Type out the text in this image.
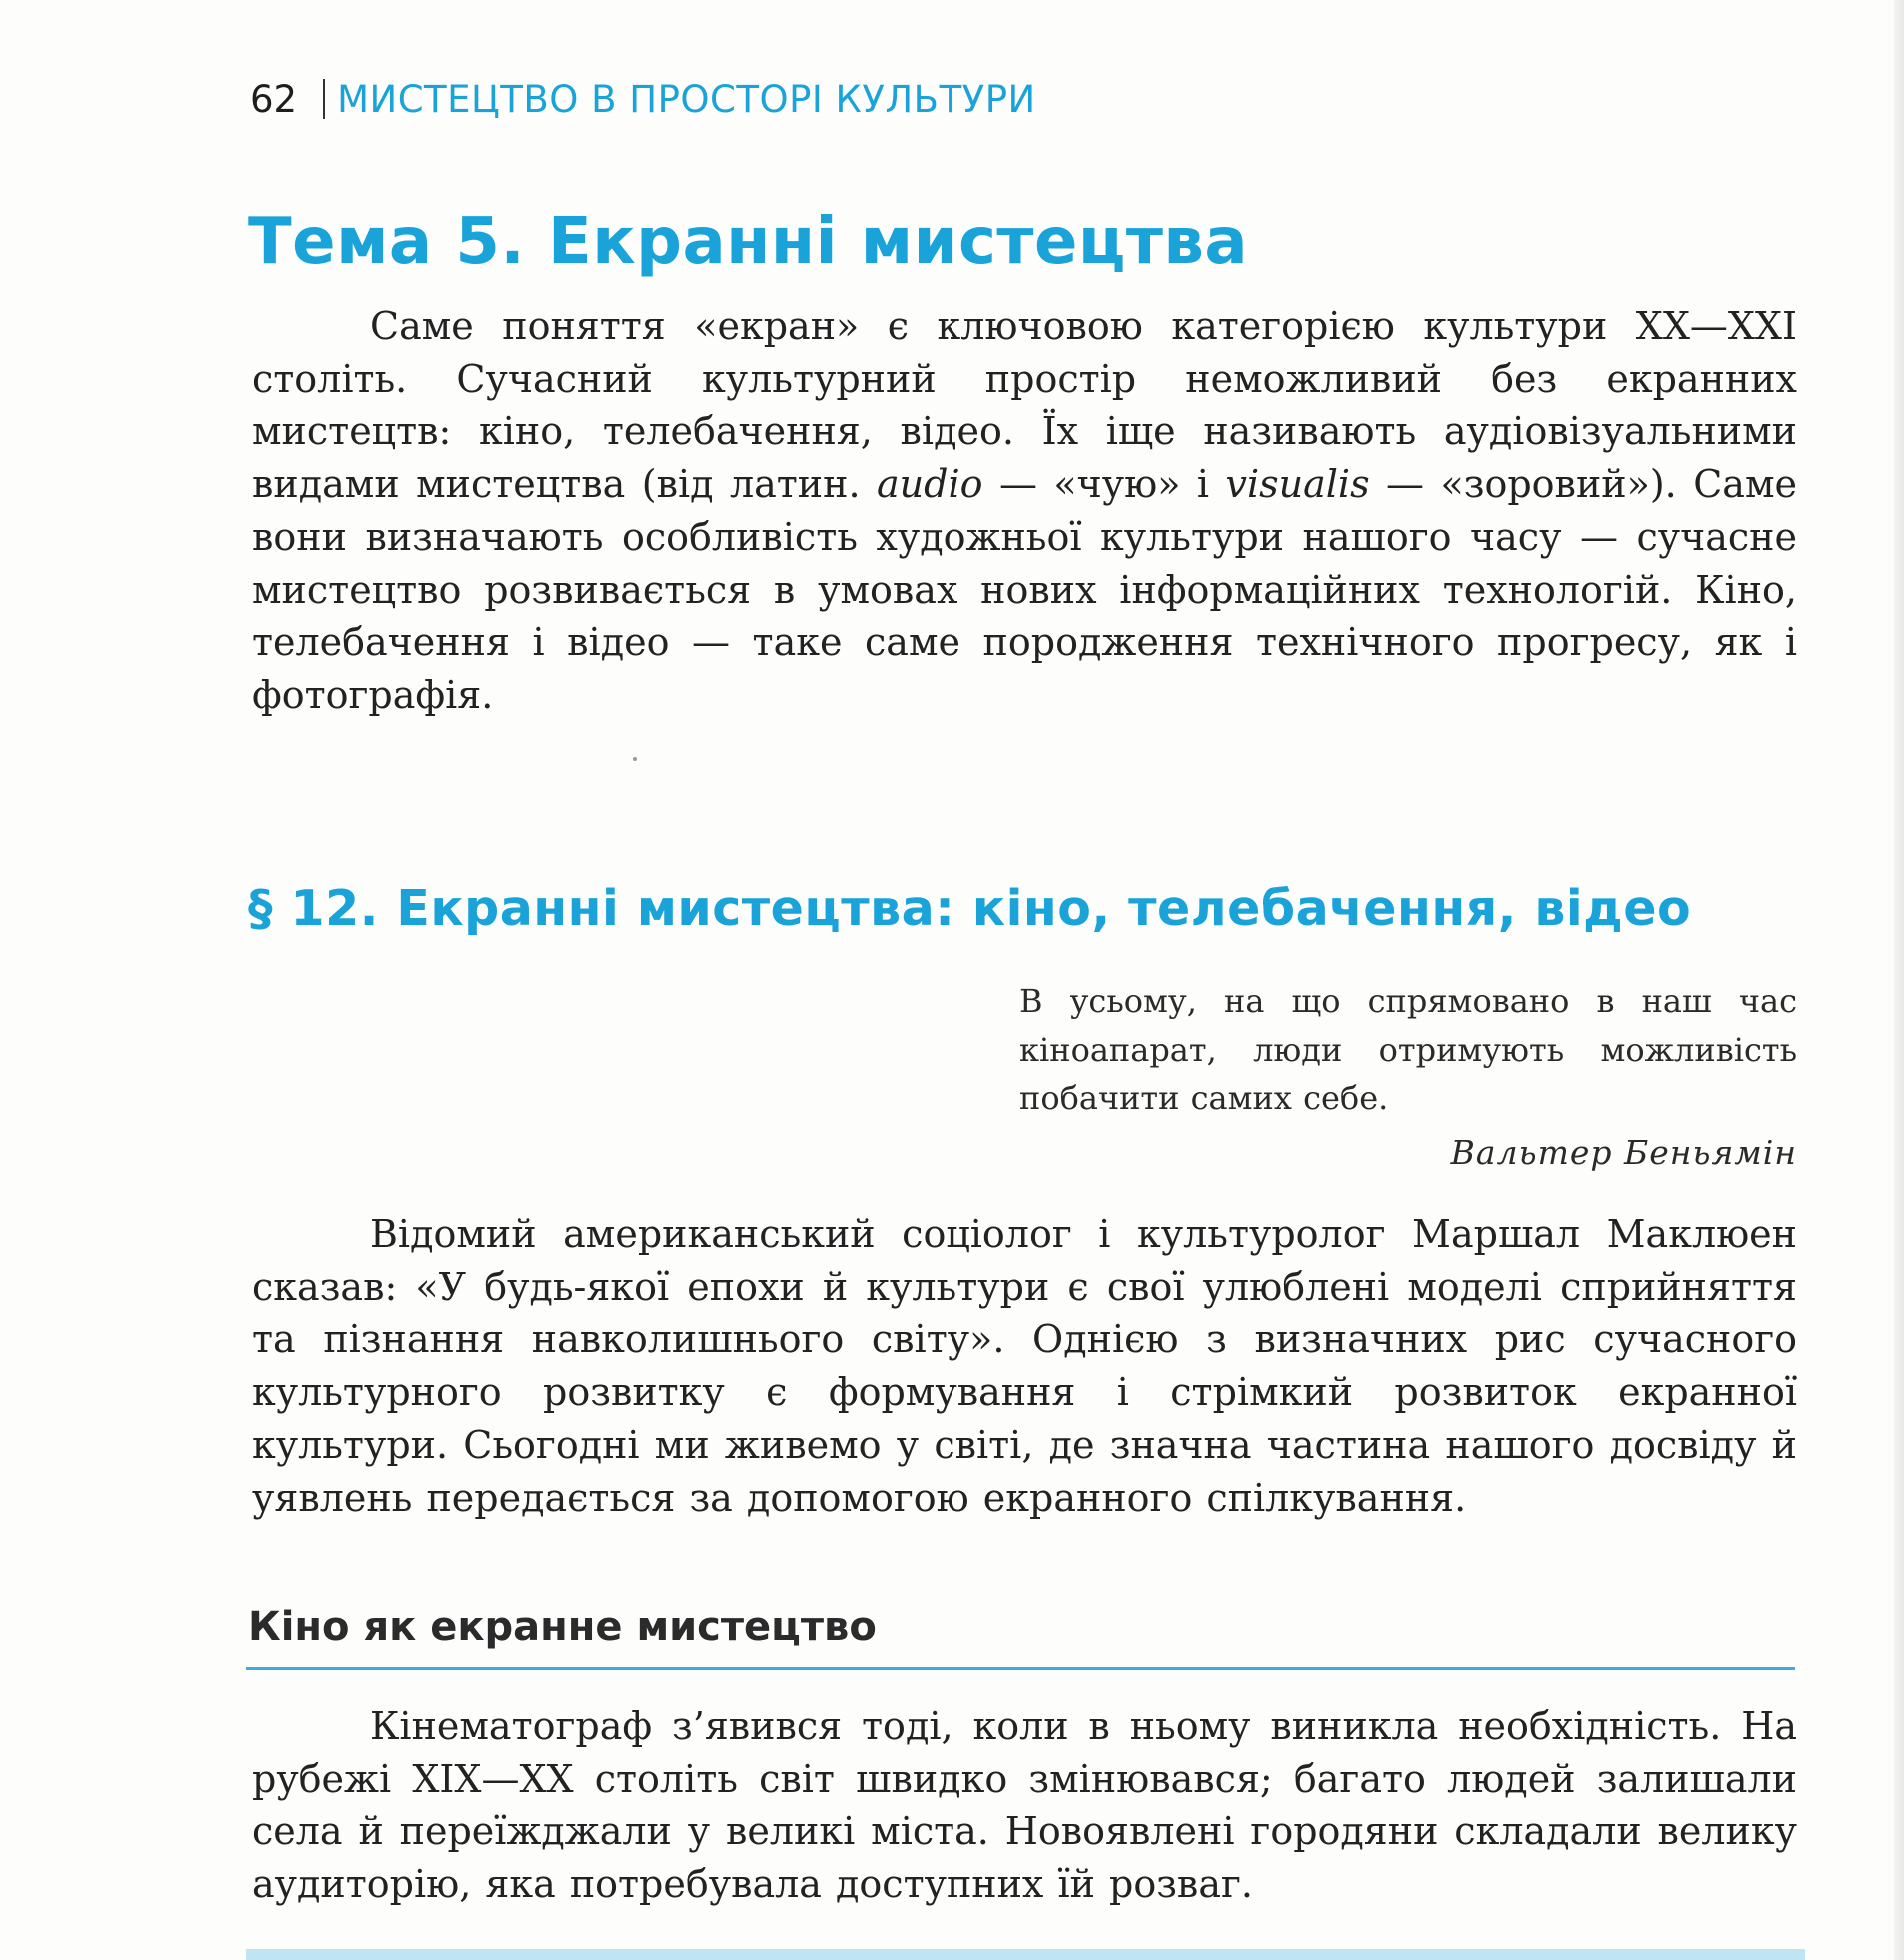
62 МИСТЕЦТВО В ПРОСТОРІ КУЛЬТУРИ
Тема 5. Екранні мистецтва

Саме поняття «екран» є ключовою категорією культури XX—XXI століть. Сучасний культурний простір неможливий без екранних мистецтв: кіно, телебачення, відео. Їх іще називають аудіовізуальними видами мистецтва (від латин. audio — «чую» і visualis — «зоровий»). Саме вони визначають особливість художньої культури нашого часу — сучасне мистецтво розвивається в умовах нових інформаційних технологій. Кіно, телебачення і відео — таке саме породження технічного прогресу, як і фотографія.

§ 12. Екранні мистецтва: кіно, телебачення, відео

В усьому, на що спрямовано в наш час кіноапарат, люди отримують можливість побачити самих себе.

Вальтер Беньямін

Відомий американський соціолог і культуролог Маршал Маклюен сказав: «У будь-якої епохи й культури є свої улюблені моделі сприйняття та пізнання навколишнього світу». Однією з визначних рис сучасного культурного розвитку є формування і стрімкий розвиток екранної культури. Сьогодні ми живемо у світі, де значна частина нашого досвіду й уявлень передається за допомогою екранного спілкування.

Кіно як екранне мистецтво

Кінематограф з’явився тоді, коли в ньому виникла необхідність. На рубежі XIX—XX століть світ швидко змінювався; багато людей залишали села й переїжджали у великі міста. Новоявлені городяни складали велику аудиторію, яка потребувала доступних їй розваг.
